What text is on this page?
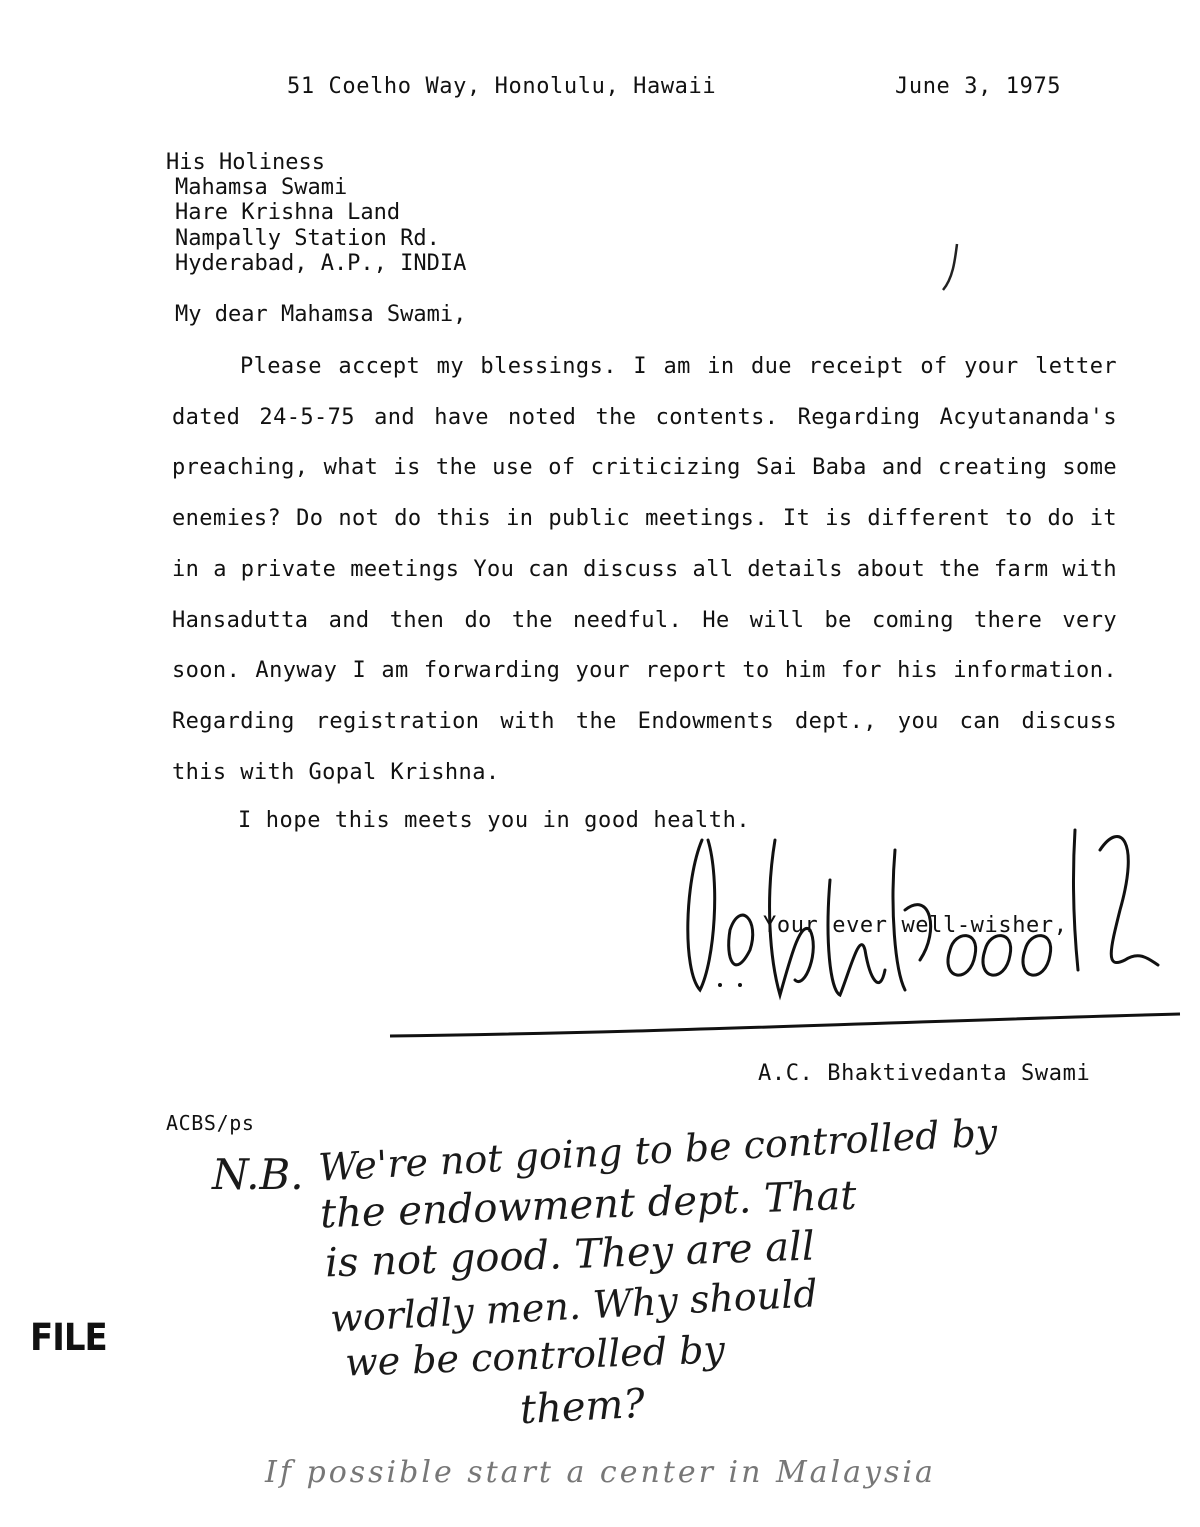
51 Coelho Way, Honolulu, Hawaii	June 3, 1975
His Holiness
Mahamsa Swami
Hare Krishna Land
Nampally Station Rd.
Hyderabad, A.P., INDIA
My dear Mahamsa Swami,
Please accept my blessings. I am in due receipt of your letter dated 24-5-75 and have noted the contents. Regarding Acyutananda's preaching, what is the use of criticizing Sai Baba and creating some enemies? Do not do this in public meetings. It is different to do it in a private meetings You can discuss all details about the farm with Hansadutta and then do the needful. He will be coming there very soon. Anyway I am forwarding your report to him for his information. Regarding registration with the Endowments dept., you can discuss this with Gopal Krishna.
I hope this meets you in good health.
Your ever well-wisher,
A.C. Bhaktivedanta Swami
ACBS/ps
N.B. We're not going to be controlled by
the endowment dept. That
is not good. They are all
worldly men. Why should
we be controlled by
them?
If possible start a center in Malaysia
FILE
